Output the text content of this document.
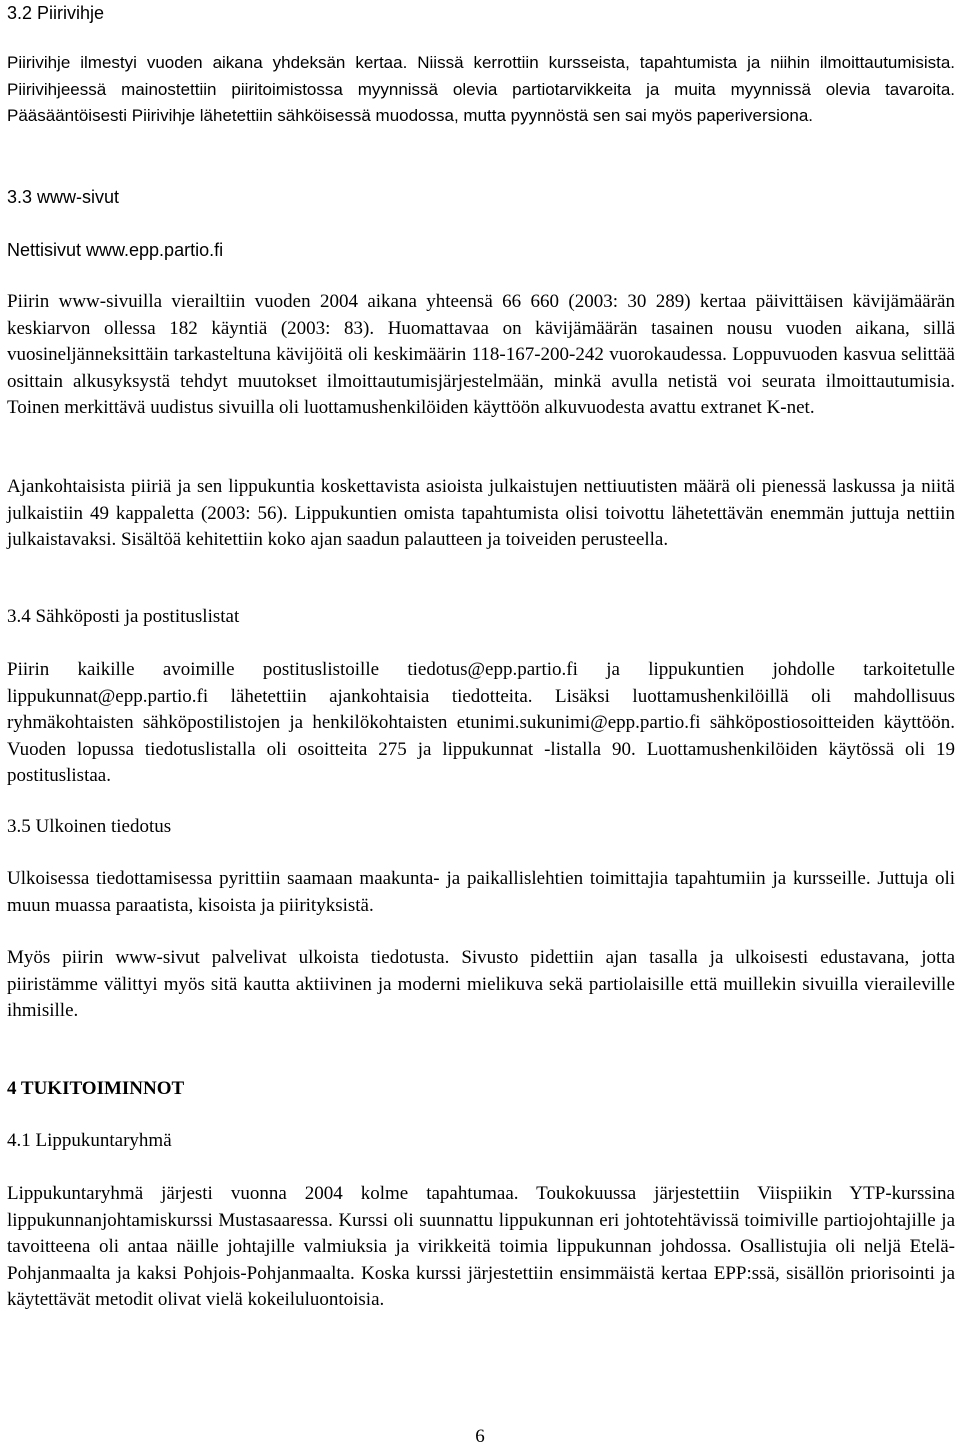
3.2 Piirivihje

Piirivihje ilmestyi vuoden aikana yhdeksän kertaa. Niissä kerrottiin kursseista, tapahtumista ja niihin ilmoittautumisista. Piirivihjeessä mainostettiin piiritoimistossa myynnissä olevia partiotarvikkeita ja muita myynnissä olevia tavaroita. Pääsääntöisesti Piirivihje lähetettiin sähköisessä muodossa, mutta pyynnöstä sen sai myös paperiversiona.

3.3 www-sivut

Nettisivut www.epp.partio.fi

Piirin www-sivuilla vierailtiin vuoden 2004 aikana yhteensä 66 660 (2003: 30 289) kertaa päivittäisen kävijämäärän keskiarvon ollessa 182 käyntiä (2003: 83). Huomattavaa on kävijämäärän tasainen nousu vuoden aikana, sillä vuosineljänneksittäin tarkasteltuna kävijöitä oli keskimäärin 118-167-200-242 vuorokaudessa. Loppuvuoden kasvua selittää osittain alkusyksystä tehdyt muutokset ilmoittautumisjärjestelmään, minkä avulla netistä voi seurata ilmoittautumisia. Toinen merkittävä uudistus sivuilla oli luottamushenkilöiden käyttöön alkuvuodesta avattu extranet K-net.

Ajankohtaisista piiriä ja sen lippukuntia koskettavista asioista julkaistujen nettiuutisten määrä oli pienessä laskussa ja niitä julkaistiin 49 kappaletta (2003: 56). Lippukuntien omista tapahtumista olisi toivottu lähetettävän enemmän juttuja nettiin julkaistavaksi. Sisältöä kehitettiin koko ajan saadun palautteen ja toiveiden perusteella.

3.4 Sähköposti ja postituslistat

Piirin kaikille avoimille postituslistoille tiedotus@epp.partio.fi ja lippukuntien johdolle tarkoitetulle lippukunnat@epp.partio.fi lähetettiin ajankohtaisia tiedotteita. Lisäksi luottamushenkilöillä oli mahdollisuus ryhmäkohtaisten sähköpostilistojen ja henkilökohtaisten etunimi.sukunimi@epp.partio.fi sähköpostiosoitteiden käyttöön. Vuoden lopussa tiedotuslistalla oli osoitteita 275 ja lippukunnat -listalla 90. Luottamushenkilöiden käytössä oli 19 postituslistaa.

3.5 Ulkoinen tiedotus

Ulkoisessa tiedottamisessa pyrittiin saamaan maakunta- ja paikallislehtien toimittajia tapahtumiin ja kursseille. Juttuja oli muun muassa paraatista, kisoista ja piirityksistä.

Myös piirin www-sivut palvelivat ulkoista tiedotusta. Sivusto pidettiin ajan tasalla ja ulkoisesti edustavana, jotta piiristämme välittyi myös sitä kautta aktiivinen ja moderni mielikuva sekä partiolaisille että muillekin sivuilla vieraileville ihmisille.

4 TUKITOIMINNOT
4.1 Lippukuntaryhmä

Lippukuntaryhmä järjesti vuonna 2004 kolme tapahtumaa. Toukokuussa järjestettiin Viispiikin YTP-kurssina lippukunnanjohtamiskurssi Mustasaaressa. Kurssi oli suunnattu lippukunnan eri johtotehtävissä toimiville partiojohtajille ja tavoitteena oli antaa näille johtajille valmiuksia ja virikkeitä toimia lippukunnan johdossa. Osallistujia oli neljä Etelä-Pohjanmaalta ja kaksi Pohjois-Pohjanmaalta. Koska kurssi järjestettiin ensimmäistä kertaa EPP:ssä, sisällön priorisointi ja käytettävät metodit olivat vielä kokeiluluontoisia.

6
